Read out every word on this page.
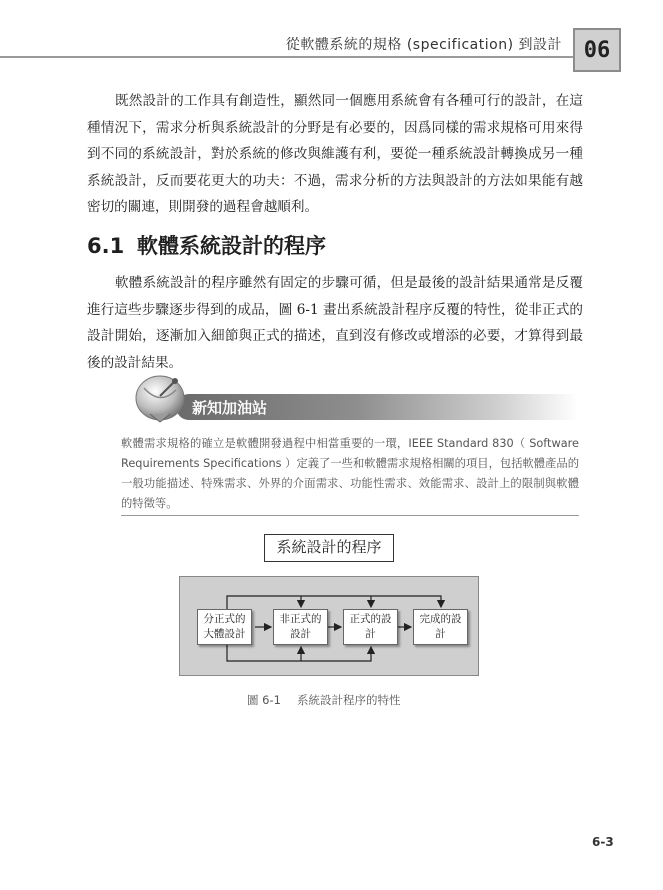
從軟體系統的規格 (specification) 到設計 06

既然設計的工作具有創造性，顯然同一個應用系統會有各種可行的設計，在這種情況下，需求分析與系統設計的分野是有必要的，因爲同樣的需求規格可用來得到不同的系統設計，對於系統的修改與維護有利，要從一種系統設計轉換成另一種系統設計，反而要花更大的功夫：不過，需求分析的方法與設計的方法如果能有越密切的關連，則開發的過程會越順利。

6.1 軟體系統設計的程序

軟體系統設計的程序雖然有固定的步驟可循，但是最後的設計結果通常是反覆進行這些步驟逐步得到的成品，圖 6-1 畫出系統設計程序反覆的特性，從非正式的設計開始，逐漸加入細節與正式的描述，直到沒有修改或增添的必要，才算得到最後的設計結果。

新知加油站
軟體需求規格的確立是軟體開發過程中相當重要的一環，IEEE Standard 830（ Software Requirements Specifications ）定義了一些和軟體需求規格相關的項目，包括軟體產品的一般功能描述、特殊需求、外界的介面需求、功能性需求、效能需求、設計上的限制與軟體的特徵等。
系統設計的程序
分正式的大體設計
非正式的設計
正式的設計
完成的設計
圖 6-1 系統設計程序的特性
6-3
